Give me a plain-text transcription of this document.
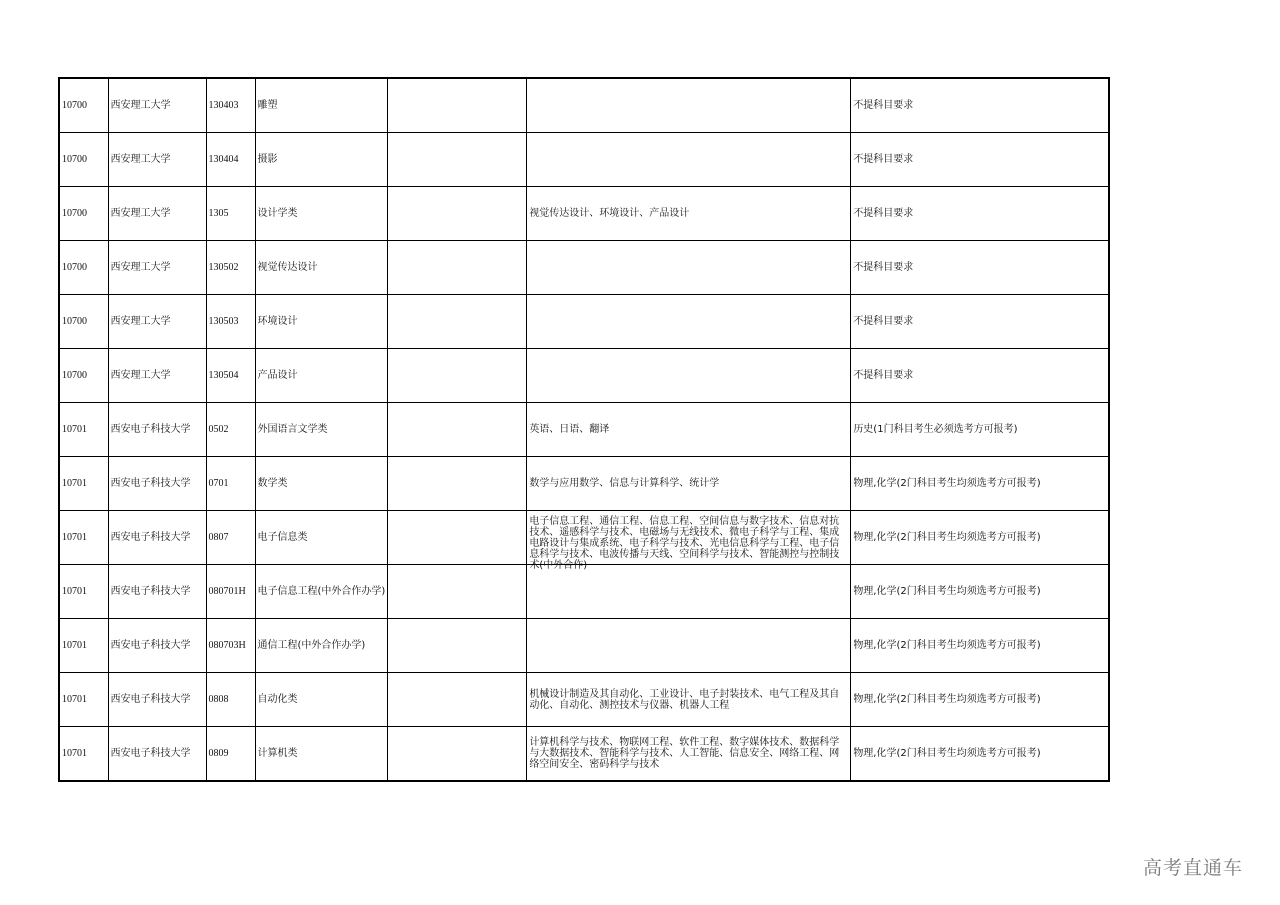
10700	西安理工大学	130403	雕塑			不提科目要求
10700	西安理工大学	130404	摄影			不提科目要求
10700	西安理工大学	1305	设计学类		视觉传达设计、环境设计、产品设计	不提科目要求
10700	西安理工大学	130502	视觉传达设计			不提科目要求
10700	西安理工大学	130503	环境设计			不提科目要求
10700	西安理工大学	130504	产品设计			不提科目要求
10701	西安电子科技大学	0502	外国语言文学类		英语、日语、翻译	历史(1门科目考生必须选考方可报考)
10701	西安电子科技大学	0701	数学类		数学与应用数学、信息与计算科学、统计学	物理,化学(2门科目考生均须选考方可报考)
10701	西安电子科技大学	0807	电子信息类		电子信息工程、通信工程、信息工程、空间信息与数字技术、信息对抗技术、遥感科学与技术、电磁场与无线技术、微电子科学与工程、集成电路设计与集成系统、电子科学与技术、光电信息科学与工程、电子信息科学与技术、电波传播与天线、空间科学与技术、智能测控与控制技术(中外合作)	物理,化学(2门科目考生均须选考方可报考)
10701	西安电子科技大学	080701H	电子信息工程(中外合作办学)			物理,化学(2门科目考生均须选考方可报考)
10701	西安电子科技大学	080703H	通信工程(中外合作办学)			物理,化学(2门科目考生均须选考方可报考)
10701	西安电子科技大学	0808	自动化类		机械设计制造及其自动化、工业设计、电子封装技术、电气工程及其自动化、自动化、测控技术与仪器、机器人工程	物理,化学(2门科目考生均须选考方可报考)
10701	西安电子科技大学	0809	计算机类		计算机科学与技术、物联网工程、软件工程、数字媒体技术、数据科学与大数据技术、智能科学与技术、人工智能、信息安全、网络工程、网络空间安全、密码科学与技术	物理,化学(2门科目考生均须选考方可报考)
高考直通车
